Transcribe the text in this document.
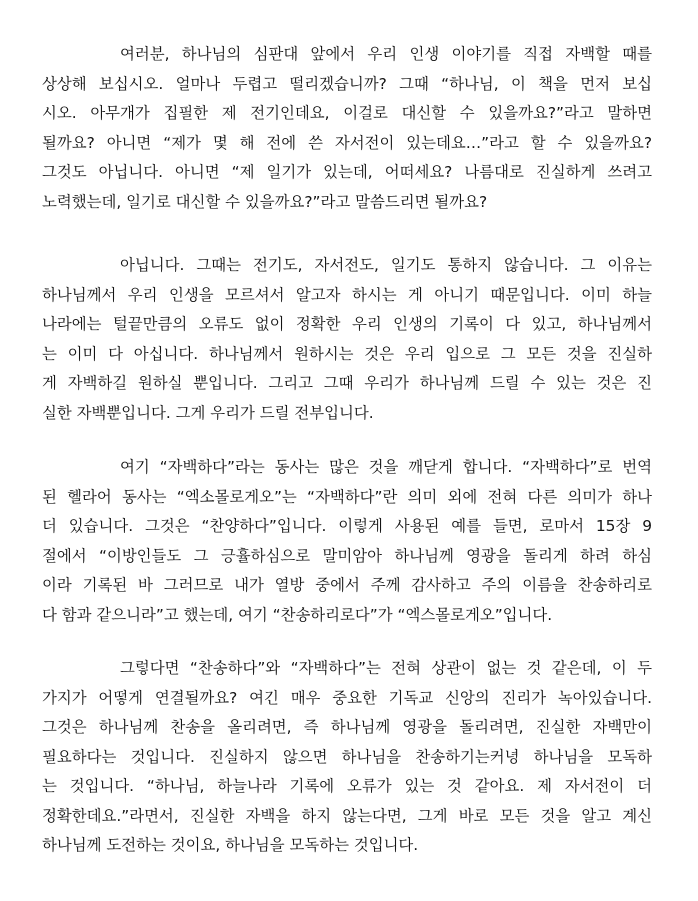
여러분, 하나님의 심판대 앞에서 우리 인생 이야기를 직접 자백할 때를
상상해 보십시오. 얼마나 두렵고 떨리겠습니까? 그때 “하나님, 이 책을 먼저 보십
시오. 아무개가 집필한 제 전기인데요, 이걸로 대신할 수 있을까요?”라고 말하면
될까요? 아니면 “제가 몇 해 전에 쓴 자서전이 있는데요…”라고 할 수 있을까요?
그것도 아닙니다. 아니면 “제 일기가 있는데, 어떠세요? 나름대로 진실하게 쓰려고
노력했는데, 일기로 대신할 수 있을까요?”라고 말씀드리면 될까요?
아닙니다. 그때는 전기도, 자서전도, 일기도 통하지 않습니다. 그 이유는
하나님께서 우리 인생을 모르셔서 알고자 하시는 게 아니기 때문입니다. 이미 하늘
나라에는 털끝만큼의 오류도 없이 정확한 우리 인생의 기록이 다 있고, 하나님께서
는 이미 다 아십니다. 하나님께서 원하시는 것은 우리 입으로 그 모든 것을 진실하
게 자백하길 원하실 뿐입니다. 그리고 그때 우리가 하나님께 드릴 수 있는 것은 진
실한 자백뿐입니다. 그게 우리가 드릴 전부입니다.
여기 “자백하다”라는 동사는 많은 것을 깨닫게 합니다. “자백하다”로 번역
된 헬라어 동사는 “엑소몰로게오”는 “자백하다”란 의미 외에 전혀 다른 의미가 하나
더 있습니다. 그것은 “찬양하다”입니다. 이렇게 사용된 예를 들면, 로마서 15장 9
절에서 “이방인들도 그 긍휼하심으로 말미암아 하나님께 영광을 돌리게 하려 하심
이라 기록된 바 그러므로 내가 열방 중에서 주께 감사하고 주의 이름을 찬송하리로
다 함과 같으니라”고 했는데, 여기 “찬송하리로다”가 “엑스몰로게오”입니다.
그렇다면 “찬송하다”와 “자백하다”는 전혀 상관이 없는 것 같은데, 이 두
가지가 어떻게 연결될까요? 여긴 매우 중요한 기독교 신앙의 진리가 녹아있습니다.
그것은 하나님께 찬송을 올리려면, 즉 하나님께 영광을 돌리려면, 진실한 자백만이
필요하다는 것입니다. 진실하지 않으면 하나님을 찬송하기는커녕 하나님을 모독하
는 것입니다. “하나님, 하늘나라 기록에 오류가 있는 것 같아요. 제 자서전이 더
정확한데요.”라면서, 진실한 자백을 하지 않는다면, 그게 바로 모든 것을 알고 계신
하나님께 도전하는 것이요, 하나님을 모독하는 것입니다.
